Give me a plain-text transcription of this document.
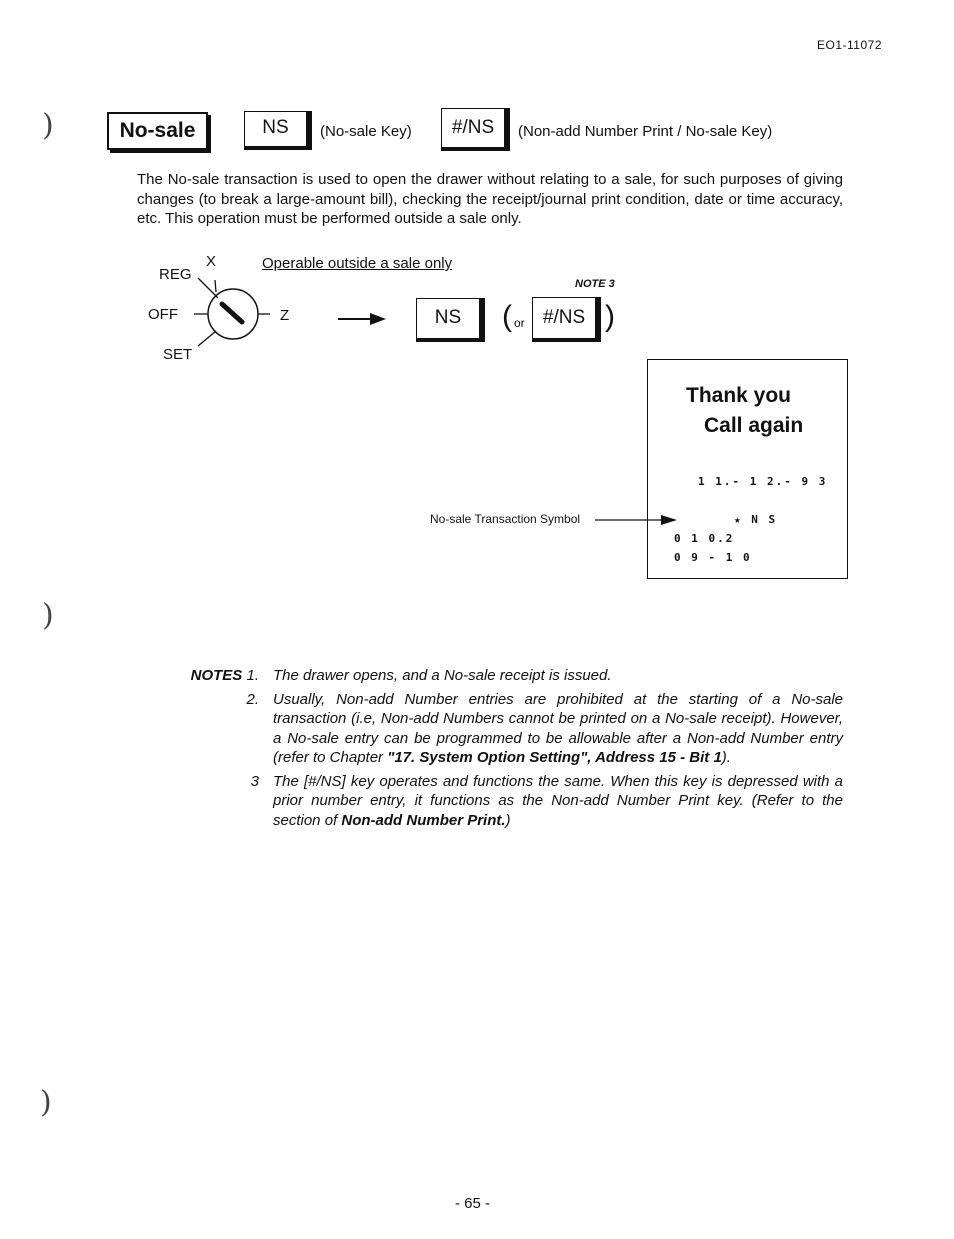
EO1-11072
)
)
)
No-sale	NS	(No-sale Key)	#/NS	(Non-add Number Print / No-sale Key)
The No-sale transaction is used to open the drawer without relating to a sale, for such purposes of giving changes (to break a large-amount bill), checking the receipt/journal print condition, date or time accuracy, etc. This operation must be performed outside a sale only.
X
REG
OFF
SET
Z
Operable outside a sale only
NOTE 3
NS	( or #/NS )
Thank you
Call again
1 1.- 1 2.- 9 3
★ N S
0 1 0.2
0 9 - 1 0
No-sale Transaction Symbol
NOTES 1. The drawer opens, and a No-sale receipt is issued.
2. Usually, Non-add Number entries are prohibited at the starting of a No-sale transaction (i.e, Non-add Numbers cannot be printed on a No-sale receipt). However, a No-sale entry can be programmed to be allowable after a Non-add Number entry (refer to Chapter "17. System Option Setting", Address 15 - Bit 1).
3 The [#/NS] key operates and functions the same. When this key is depressed with a prior number entry, it functions as the Non-add Number Print key. (Refer to the section of Non-add Number Print.)
- 65 -
